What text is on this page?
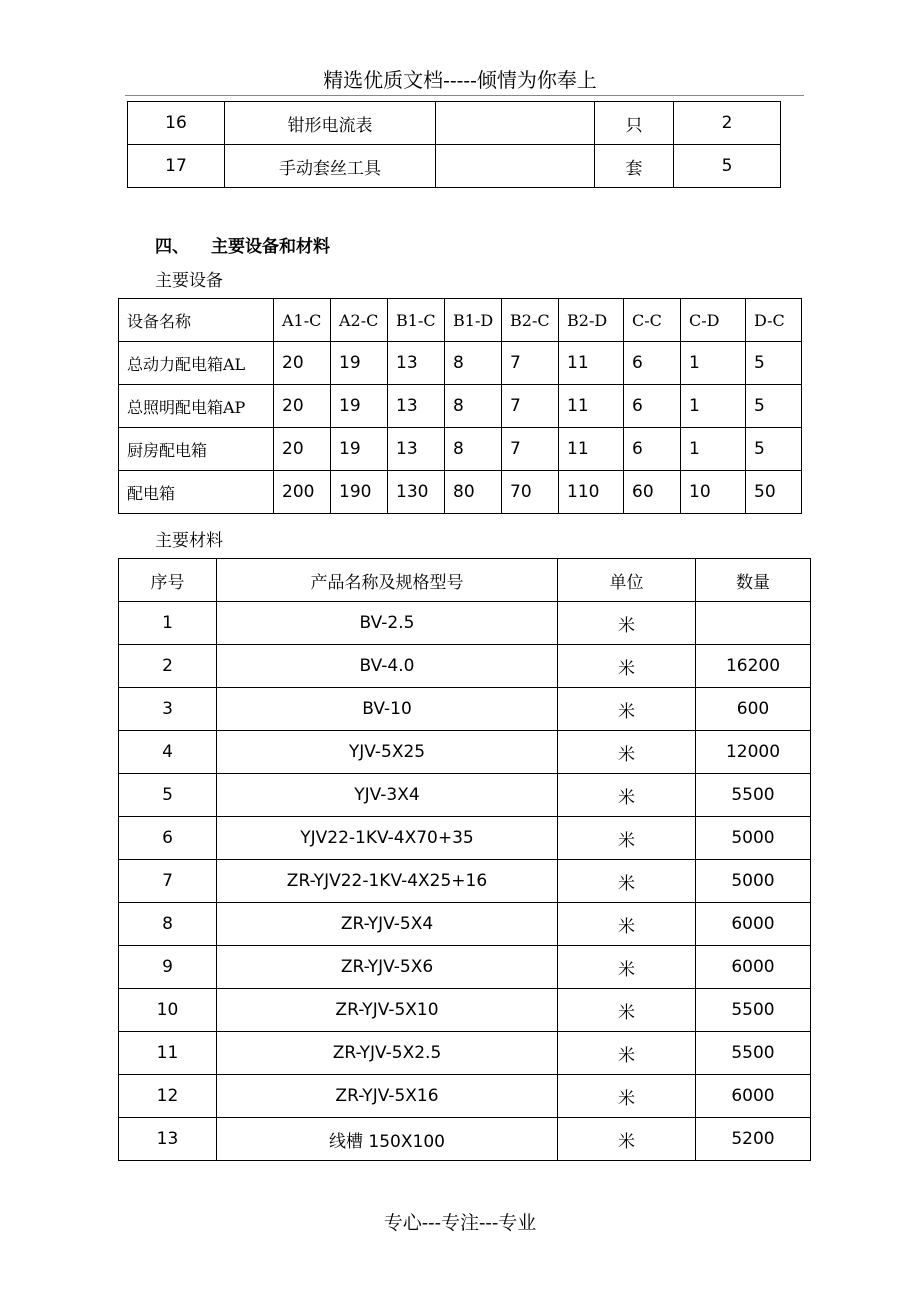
精选优质文档-----倾情为你奉上
16	钳形电流表		只	2
17	手动套丝工具		套	5
四、 主要设备和材料
主要设备
设备名称	A1-C	A2-C	B1-C	B1-D	B2-C	B2-D	C-C	C-D	D-C
总动力配电箱AL	20	19	13	8	7	11	6	1	5
总照明配电箱AP	20	19	13	8	7	11	6	1	5
厨房配电箱	20	19	13	8	7	11	6	1	5
配电箱	200	190	130	80	70	110	60	10	50
主要材料
序号	产品名称及规格型号	单位	数量
1	BV-2.5	米	
2	BV-4.0	米	16200
3	BV-10	米	600
4	YJV-5X25	米	12000
5	YJV-3X4	米	5500
6	YJV22-1KV-4X70+35	米	5000
7	ZR-YJV22-1KV-4X25+16	米	5000
8	ZR-YJV-5X4	米	6000
9	ZR-YJV-5X6	米	6000
10	ZR-YJV-5X10	米	5500
11	ZR-YJV-5X2.5	米	5500
12	ZR-YJV-5X16	米	6000
13	线槽 150X100	米	5200
专心---专注---专业
